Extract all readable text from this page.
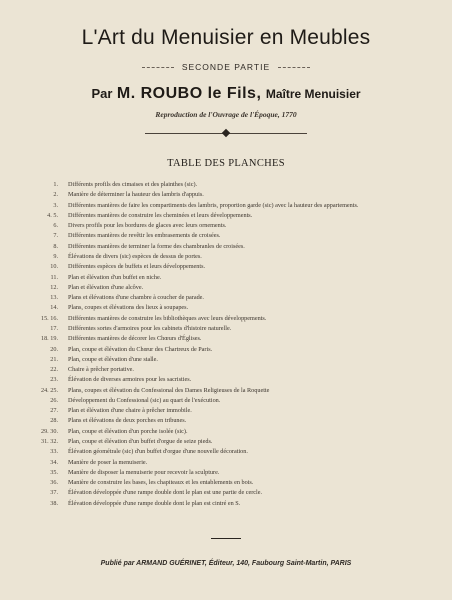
L'Art du Menuisier en Meubles
SECONDE PARTIE
Par M. ROUBO le Fils, Maître Menuisier
Reproduction de l'Ouvrage de l'Époque, 1770
TABLE DES PLANCHES
1.	Différents profils des cimaises et des plainthes (sic).
2.	Manière de déterminer la hauteur des lambris d'appuis.
3.	Différentes manières de faire les compartiments des lambris, proportion garde (sic) avec la hauteur des appartements.
4. 5.	Différentes manières de construire les cheminées et leurs développements.
6.	Divers profils pour les bordures de glaces avec leurs ornements.
7.	Différentes manières de revêtir les embrasements de croisées.
8.	Différentes manières de terminer la forme des chambranles de croisées.
9.	Élévations de divers (sic) espèces de dessus de portes.
10.	Différentes espèces de buffets et leurs développements.
11.	Plan et élévation d'un buffet en niche.
12.	Plan et élévation d'une alcôve.
13.	Plans et élévations d'une chambre à coucher de parade.
14.	Plans, coupes et élévations des lieux à soupapes.
15. 16.	Différentes manières de construire les bibliothèques avec leurs développements.
17.	Différentes sortes d'armoires pour les cabinets d'histoire naturelle.
18. 19.	Différentes manières de décorer les Chœurs d'Églises.
20.	Plan, coupe et élévation du Chœur des Chartreux de Paris.
21.	Plan, coupe et élévation d'une stalle.
22.	Chaire à prêcher portative.
23.	Élévation de diverses armoires pour les sacristies.
24. 25.	Plans, coupes et élévation du Confessional des Dames Religieuses de la Roquette
26.	Développement du Confessional (sic) au quart de l'exécution.
27.	Plan et élévation d'une chaire à prêcher immobile.
28.	Plans et élévations de deux porches en tribunes.
29. 30.	Plan, coupe et élévation d'un porche isolée (sic).
31. 32.	Plan, coupe et élévation d'un buffet d'orgue de seize pieds.
33.	Élévation géométrale (sic) d'un buffet d'orgue d'une nouvelle décoration.
34.	Manière de poser la menuiserie.
35.	Manière de disposer la menuiserie pour recevoir la sculpture.
36.	Manière de construire les bases, les chapiteaux et les entablements en bois.
37.	Élévation développée d'une rampe double dont le plan est une partie de cercle.
38.	Élévation développée d'une rampe double dont le plan est cintré en S.
Publié par ARMAND GUÉRINET, Éditeur, 140, Faubourg Saint-Martin, PARIS
